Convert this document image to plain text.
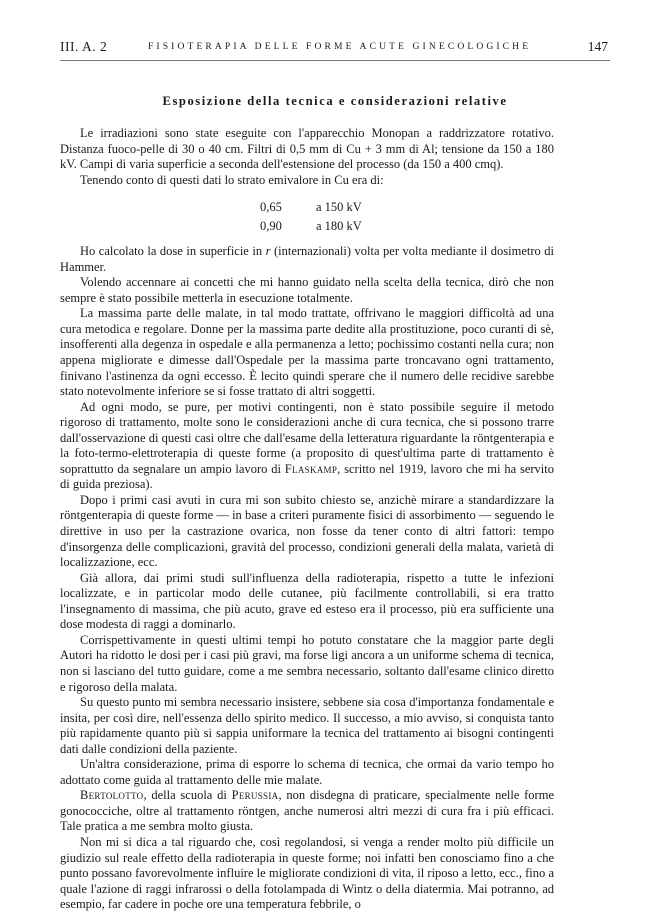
III. A. 2	FISIOTERAPIA DELLE FORME ACUTE GINECOLOGICHE	147
Esposizione della tecnica e considerazioni relative

Le irradiazioni sono state eseguite con l'apparecchio Monopan a raddrizzatore rotativo. Distanza fuoco-pelle di 30 o 40 cm. Filtri di 0,5 mm di Cu + 3 mm di Al; tensione da 150 a 180 kV. Campi di varia superficie a seconda dell'estensione del processo (da 150 a 400 cmq).

Tenendo conto di questi dati lo strato emivalore in Cu era di:

0,65	a 150 kV
0,90	a 180 kV

Ho calcolato la dose in superficie in r (internazionali) volta per volta mediante il dosimetro di Hammer.

Volendo accennare ai concetti che mi hanno guidato nella scelta della tecnica, dirò che non sempre è stato possibile metterla in esecuzione totalmente.

La massima parte delle malate, in tal modo trattate, offrivano le maggiori difficoltà ad una cura metodica e regolare. Donne per la massima parte dedite alla prostituzione, poco curanti di sè, insofferenti alla degenza in ospedale e alla permanenza a letto; pochissimo costanti nella cura; non appena migliorate e dimesse dall'Ospedale per la massima parte troncavano ogni trattamento, finivano l'astinenza da ogni eccesso. È lecito quindi sperare che il numero delle recidive sarebbe stato notevolmente inferiore se si fosse trattato di altri soggetti.

Ad ogni modo, se pure, per motivi contingenti, non è stato possibile seguire il metodo rigoroso di trattamento, molte sono le considerazioni anche di cura tecnica, che si possono trarre dall'osservazione di questi casi oltre che dall'esame della letteratura riguardante la röntgenterapia e la foto-termo-elettroterapia di queste forme (a proposito di quest'ultima parte di trattamento è soprattutto da segnalare un ampio lavoro di Flaskamp, scritto nel 1919, lavoro che mi ha servito di guida preziosa).

Dopo i primi casi avuti in cura mi son subito chiesto se, anzichè mirare a standardizzare la röntgenterapia di queste forme — in base a criteri puramente fisici di assorbimento — seguendo le direttive in uso per la castrazione ovarica, non fosse da tener conto di altri fattori: tempo d'insorgenza delle complicazioni, gravità del processo, condizioni generali della malata, varietà di localizzazione, ecc.

Già allora, dai primi studi sull'influenza della radioterapia, rispetto a tutte le infezioni localizzate, e in particolar modo delle cutanee, più facilmente controllabili, si era tratto l'insegnamento di massima, che più acuto, grave ed esteso era il processo, più era sufficiente una dose modesta di raggi a dominarlo.

Corrispettivamente in questi ultimi tempi ho potuto constatare che la maggior parte degli Autori ha ridotto le dosi per i casi più gravi, ma forse ligi ancora a un uniforme schema di tecnica, non si lasciano del tutto guidare, come a me sembra necessario, soltanto dall'esame clinico diretto e rigoroso della malata.

Su questo punto mi sembra necessario insistere, sebbene sia cosa d'importanza fondamentale e insita, per così dire, nell'essenza dello spirito medico. Il successo, a mio avviso, si conquista tanto più rapidamente quanto più si sappia uniformare la tecnica del trattamento ai bisogni contingenti dati dalle condizioni della paziente.

Un'altra considerazione, prima di esporre lo schema di tecnica, che ormai da vario tempo ho adottato come guida al trattamento delle mie malate.

Bertolotto, della scuola di Perussia, non disdegna di praticare, specialmente nelle forme gonococciche, oltre al trattamento röntgen, anche numerosi altri mezzi di cura fra i più efficaci. Tale pratica a me sembra molto giusta.

Non mi si dica a tal riguardo che, così regolandosi, si venga a render molto più difficile un giudizio sul reale effetto della radioterapia in queste forme; noi infatti ben conosciamo fino a che punto possano favorevolmente influire le migliorate condizioni di vita, il riposo a letto, ecc., fino a quale l'azione di raggi infrarossi o della fotolampada di Wintz o della diatermia. Mai potranno, ad esempio, far cadere in poche ore una temperatura febbrile, o
